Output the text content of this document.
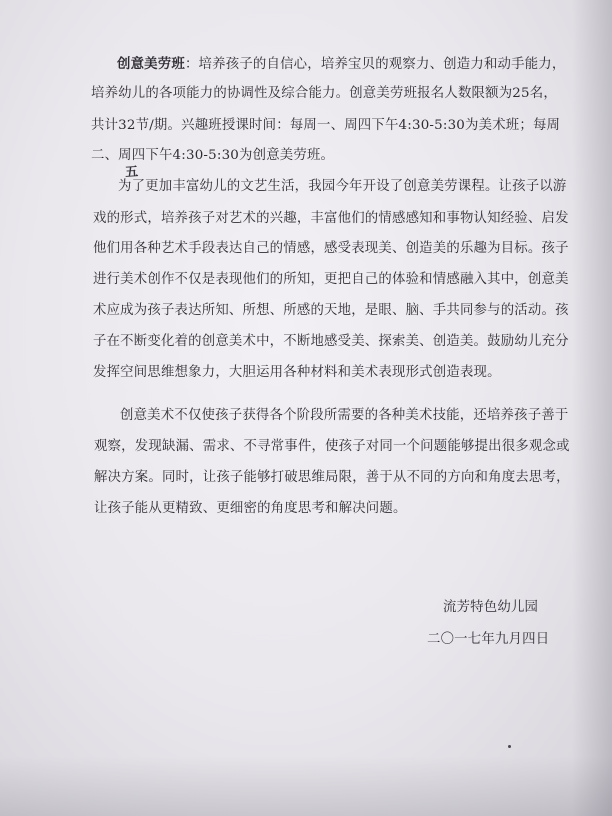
创意美劳班：培养孩子的自信心，培养宝贝的观察力、创造力和动手能力，
培养幼儿的各项能力的协调性及综合能力。创意美劳班报名人数限额为25名，
共计32节/期。兴趣班授课时间：每周一、周四下午4:30-5:30为美术班；每周
二、周四下午4:30-5:30为创意美劳班。
五
为了更加丰富幼儿的文艺生活，我园今年开设了创意美劳课程。让孩子以游
戏的形式，培养孩子对艺术的兴趣，丰富他们的情感感知和事物认知经验、启发
他们用各种艺术手段表达自己的情感，感受表现美、创造美的乐趣为目标。孩子
进行美术创作不仅是表现他们的所知，更把自己的体验和情感融入其中，创意美
术应成为孩子表达所知、所想、所感的天地，是眼、脑、手共同参与的活动。孩
子在不断变化着的创意美术中，不断地感受美、探索美、创造美。鼓励幼儿充分
发挥空间思维想象力，大胆运用各种材料和美术表现形式创造表现。
创意美术不仅使孩子获得各个阶段所需要的各种美术技能，还培养孩子善于
观察，发现缺漏、需求、不寻常事件，使孩子对同一个问题能够提出很多观念或
解决方案。同时，让孩子能够打破思维局限，善于从不同的方向和角度去思考，
让孩子能从更精致、更细密的角度思考和解决问题。
流芳特色幼儿园
二〇一七年九月四日
